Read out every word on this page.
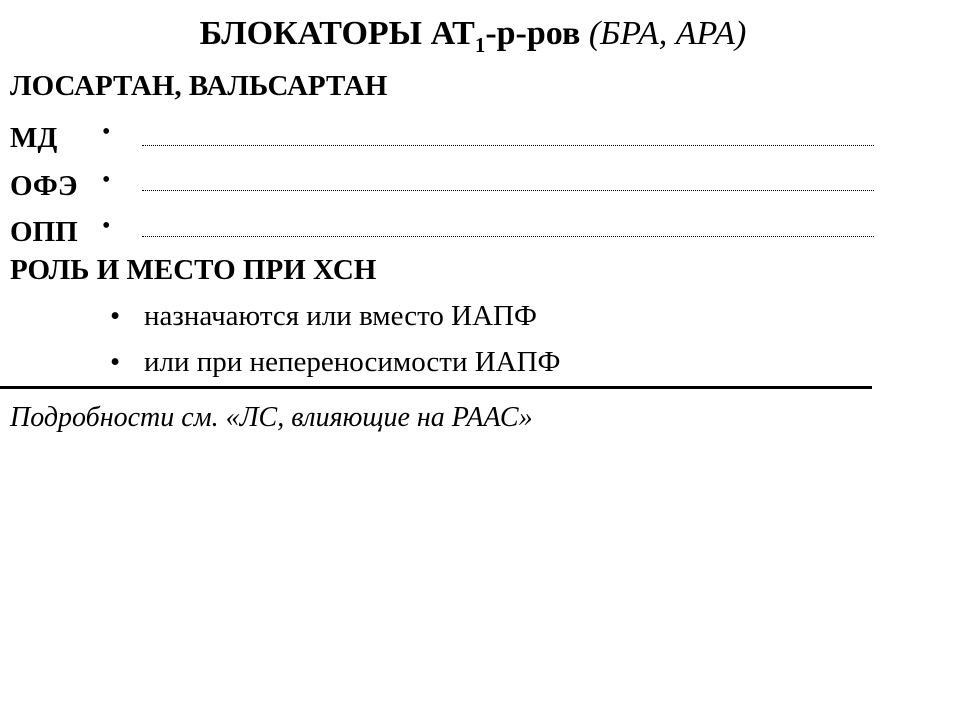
БЛОКАТОРЫ $АТ_1-р$-ров (БРА, АРА)
ЛОСАРТАН, ВАЛЬСАРТАН
МД •
ОФЭ •
ОПП •
РОЛЬ И МЕСТО ПРИ ХСН
• назначаются или вместо ИАПФ
• или при непереносимости ИАПФ
Подробности см. «ЛС, влияющие на РААС»
